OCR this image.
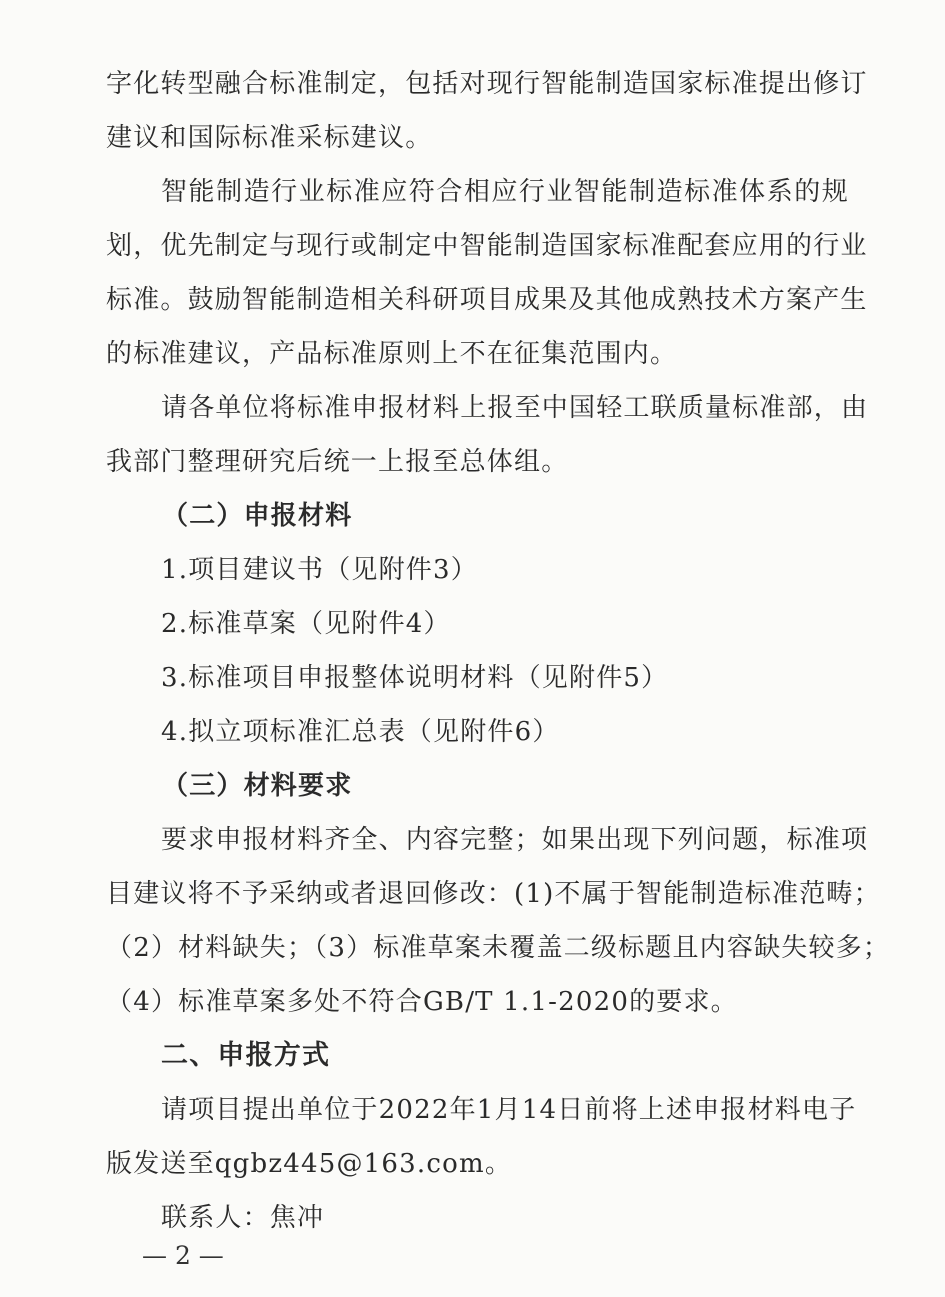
字化转型融合标准制定，包括对现行智能制造国家标准提出修订
建议和国际标准采标建议。
智能制造行业标准应符合相应行业智能制造标准体系的规
划，优先制定与现行或制定中智能制造国家标准配套应用的行业
标准。鼓励智能制造相关科研项目成果及其他成熟技术方案产生
的标准建议，产品标准原则上不在征集范围内。
请各单位将标准申报材料上报至中国轻工联质量标准部，由
我部门整理研究后统一上报至总体组。
（二）申报材料
1.项目建议书（见附件3）
2.标准草案（见附件4）
3.标准项目申报整体说明材料（见附件5）
4.拟立项标准汇总表（见附件6）
（三）材料要求
要求申报材料齐全、内容完整；如果出现下列问题，标准项
目建议将不予采纳或者退回修改：(1)不属于智能制造标准范畴；
（2）材料缺失；（3）标准草案未覆盖二级标题且内容缺失较多；
（4）标准草案多处不符合GB/T 1.1-2020的要求。
二、申报方式
请项目提出单位于2022年1月14日前将上述申报材料电子
版发送至qgbz445@163.com。
联系人：焦冲
— 2 —
